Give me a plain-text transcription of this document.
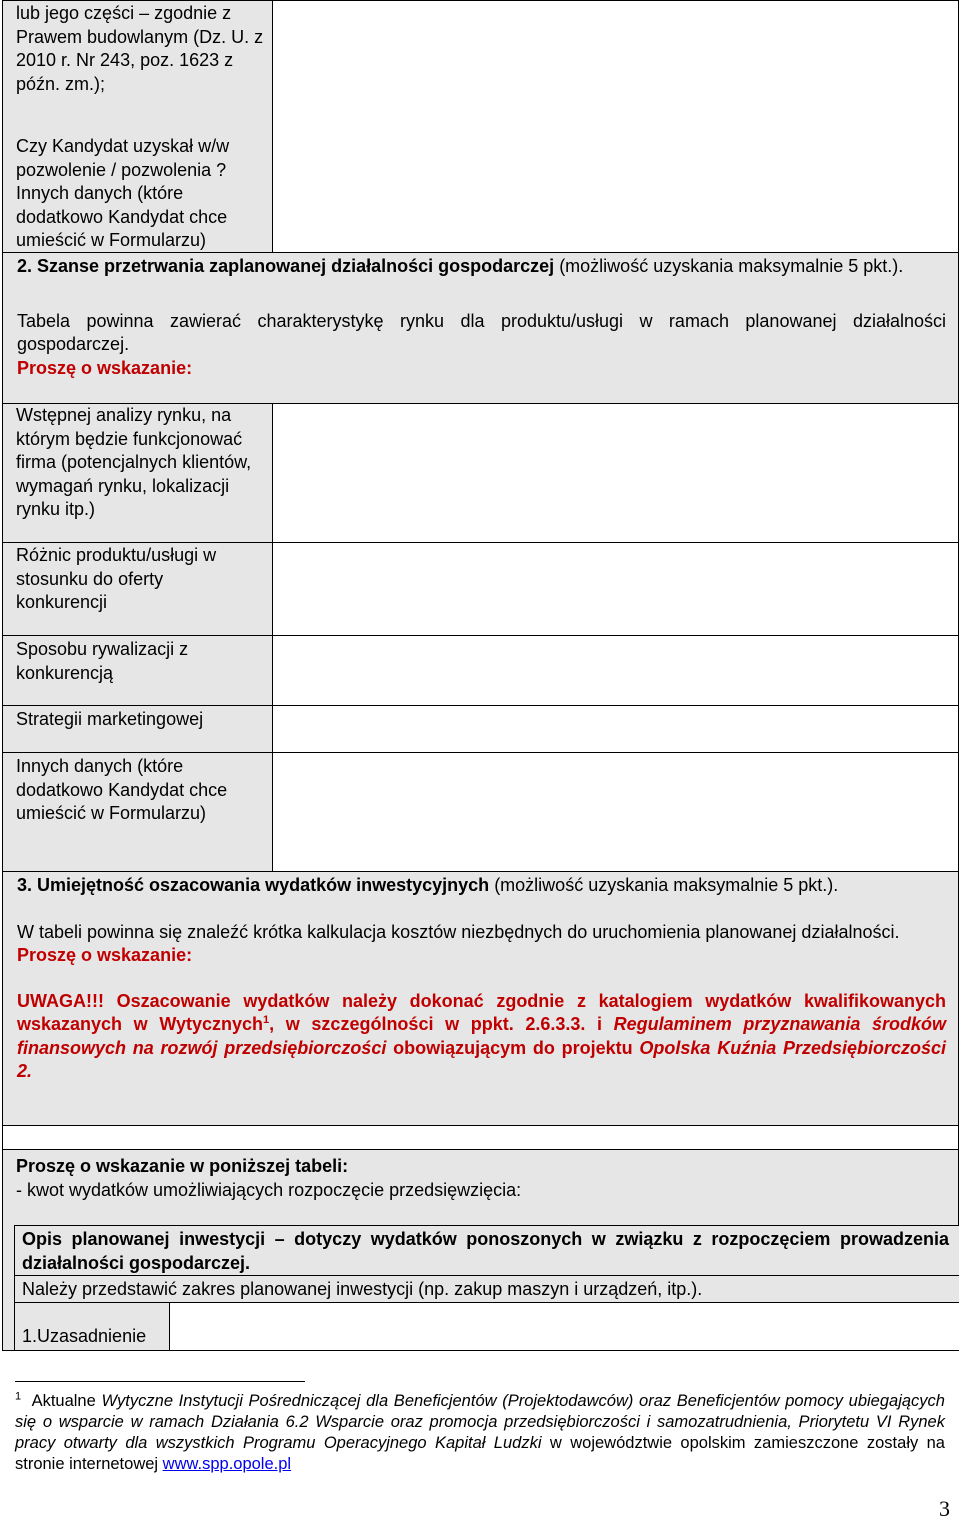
lub jego części – zgodnie z Prawem budowlanym (Dz. U. z 2010 r. Nr 243, poz. 1623 z późn. zm.);
Czy Kandydat uzyskał w/w pozwolenie / pozwolenia ?
Innych danych (które dodatkowo Kandydat chce umieścić w Formularzu)
2. Szanse przetrwania zaplanowanej działalności gospodarczej (możliwość uzyskania maksymalnie 5 pkt.).
Tabela powinna zawierać charakterystykę rynku dla produktu/usługi w ramach planowanej działalności gospodarczej.
Proszę o wskazanie:
Wstępnej analizy rynku, na którym będzie funkcjonować firma (potencjalnych klientów, wymagań rynku, lokalizacji rynku itp.)
Różnic produktu/usługi w stosunku do oferty konkurencji
Sposobu rywalizacji z konkurencją
Strategii marketingowej
Innych danych (które dodatkowo Kandydat chce umieścić w Formularzu)
3. Umiejętność oszacowania wydatków inwestycyjnych (możliwość uzyskania maksymalnie 5 pkt.).
W tabeli powinna się znaleźć krótka kalkulacja kosztów niezbędnych do uruchomienia planowanej działalności.
Proszę o wskazanie:
UWAGA!!! Oszacowanie wydatków należy dokonać zgodnie z katalogiem wydatków kwalifikowanych wskazanych w Wytycznych$^1$, w szczególności w ppkt. 2.6.3.3. i Regulaminem przyznawania środków finansowych na rozwój przedsiębiorczości obowiązującym do projektu Opolska Kuźnia Przedsiębiorczości 2.
Proszę o wskazanie w poniższej tabeli:
- kwot wydatków umożliwiających rozpoczęcie przedsięwzięcia:
Opis planowanej inwestycji – dotyczy wydatków ponoszonych w związku z rozpoczęciem prowadzenia działalności gospodarczej.
Należy przedstawić zakres planowanej inwestycji (np. zakup maszyn i urządzeń, itp.).
1.Uzasadnienie
$^1$ Aktualne Wytyczne Instytucji Pośredniczącej dla Beneficjentów (Projektodawców) oraz Beneficjentów pomocy ubiegających się o wsparcie w ramach Działania 6.2 Wsparcie oraz promocja przedsiębiorczości i samozatrudnienia, Priorytetu VI Rynek pracy otwarty dla wszystkich Programu Operacyjnego Kapitał Ludzki w województwie opolskim zamieszczone zostały na stronie internetowej www.spp.opole.pl
3
